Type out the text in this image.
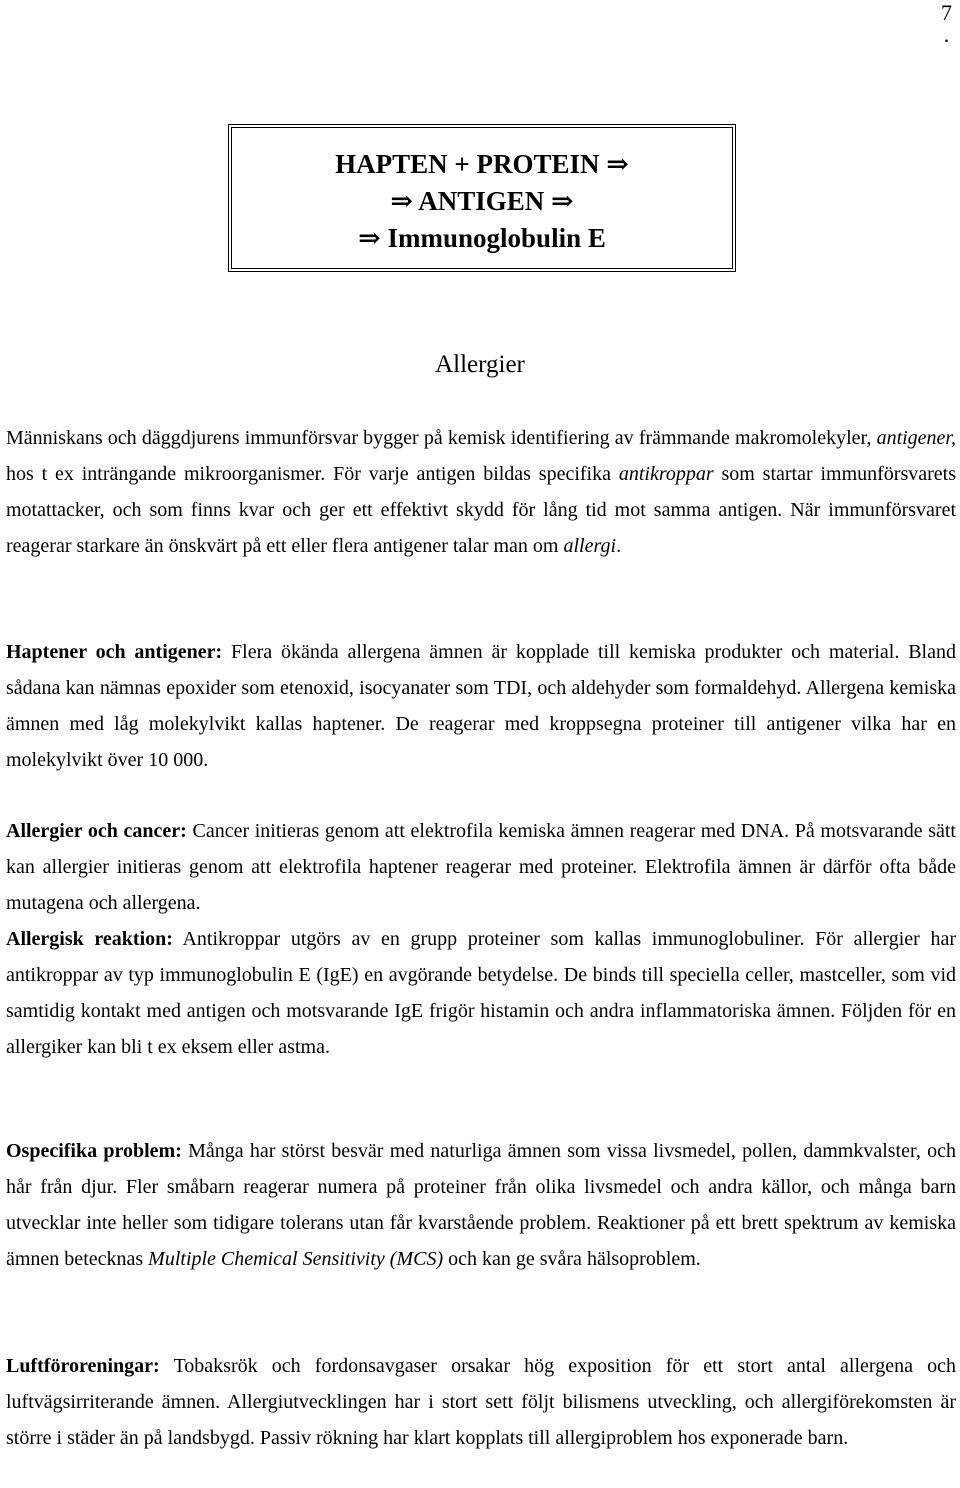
7
.
HAPTEN + PROTEIN ⇒
⇒ ANTIGEN ⇒
⇒ Immunoglobulin E
Allergier

Människans och däggdjurens immunförsvar bygger på kemisk identifiering av främmande makromolekyler, antigener, hos t ex inträngande mikroorganismer. För varje antigen bildas specifika antikroppar som startar immunförsvarets motattacker, och som finns kvar och ger ett effektivt skydd för lång tid mot samma antigen. När immunförsvaret reagerar starkare än önskvärt på ett eller flera antigener talar man om allergi.

Haptener och antigener: Flera ökända allergena ämnen är kopplade till kemiska produkter och material. Bland sådana kan nämnas epoxider som etenoxid, isocyanater som TDI, och aldehyder som formaldehyd. Allergena kemiska ämnen med låg molekylvikt kallas haptener. De reagerar med kroppsegna proteiner till antigener vilka har en molekylvikt över 10 000.

Allergier och cancer: Cancer initieras genom att elektrofila kemiska ämnen reagerar med DNA. På motsvarande sätt kan allergier initieras genom att elektrofila haptener reagerar med proteiner. Elektrofila ämnen är därför ofta både mutagena och allergena.

Allergisk reaktion: Antikroppar utgörs av en grupp proteiner som kallas immunoglobuliner. För allergier har antikroppar av typ immunoglobulin E (IgE) en avgörande betydelse. De binds till speciella celler, mastceller, som vid samtidig kontakt med antigen och motsvarande IgE frigör histamin och andra inflammatoriska ämnen. Följden för en allergiker kan bli t ex eksem eller astma.

Ospecifika problem: Många har störst besvär med naturliga ämnen som vissa livsmedel, pollen, dammkvalster, och hår från djur. Fler småbarn reagerar numera på proteiner från olika livsmedel och andra källor, och många barn utvecklar inte heller som tidigare tolerans utan får kvarstående problem. Reaktioner på ett brett spektrum av kemiska ämnen betecknas Multiple Chemical Sensitivity (MCS) och kan ge svåra hälsoproblem.

Luftföroreningar: Tobaksrök och fordonsavgaser orsakar hög exposition för ett stort antal allergena och luftvägsirriterande ämnen. Allergiutvecklingen har i stort sett följt bilismens utveckling, och allergiförekomsten är större i städer än på landsbygd. Passiv rökning har klart kopplats till allergiproblem hos exponerade barn.
